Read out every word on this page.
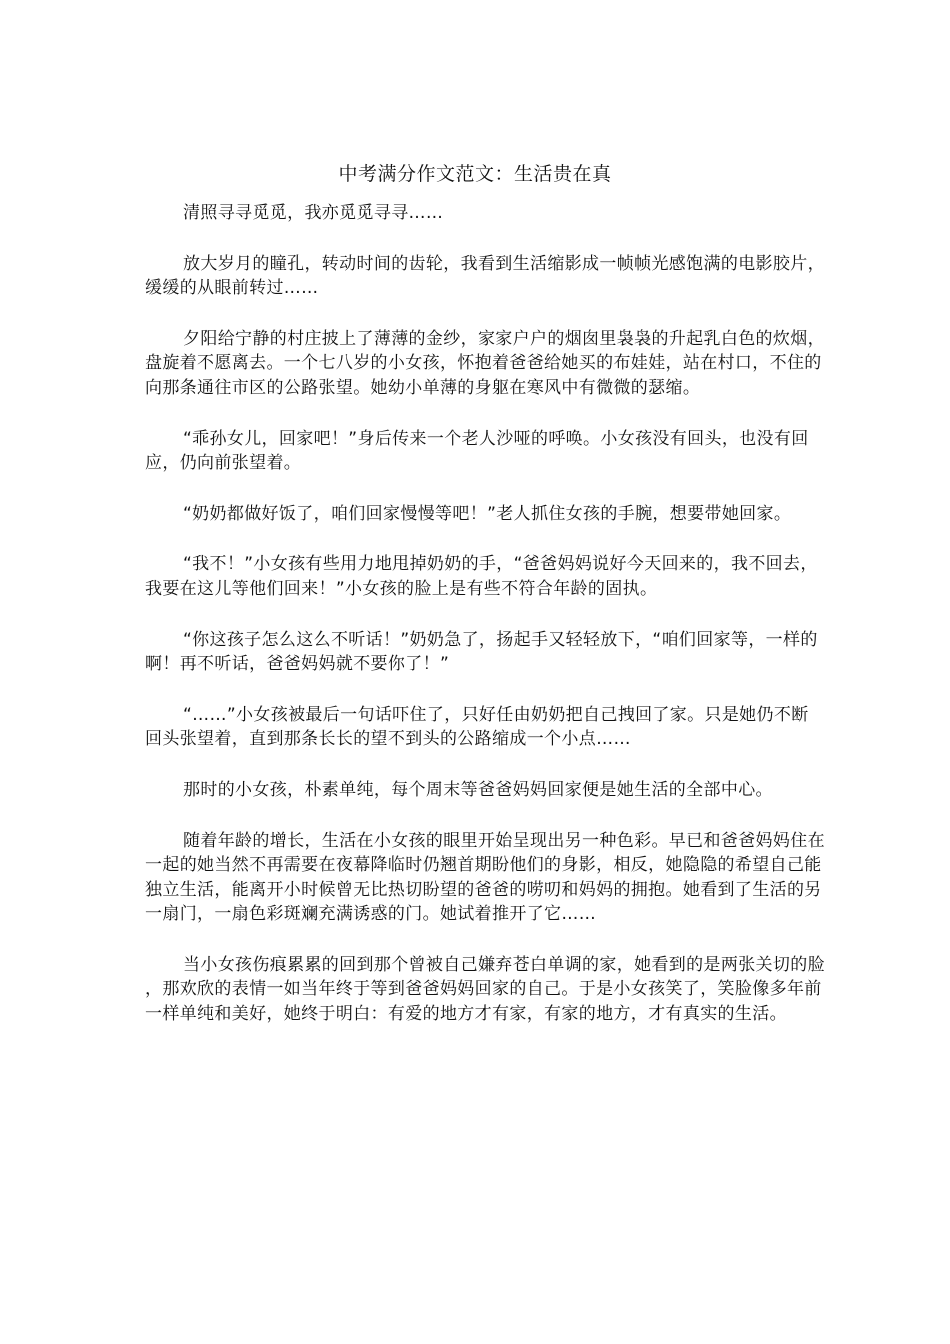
中考满分作文范文：生活贵在真

清照寻寻觅觅，我亦觅觅寻寻……

放大岁月的瞳孔，转动时间的齿轮，我看到生活缩影成一帧帧光感饱满的电影胶片，缓缓的从眼前转过……

夕阳给宁静的村庄披上了薄薄的金纱，家家户户的烟囱里袅袅的升起乳白色的炊烟，盘旋着不愿离去。一个七八岁的小女孩，怀抱着爸爸给她买的布娃娃，站在村口，不住的向那条通往市区的公路张望。她幼小单薄的身躯在寒风中有微微的瑟缩。

“乖孙女儿，回家吧！”身后传来一个老人沙哑的呼唤。小女孩没有回头，也没有回应，仍向前张望着。

“奶奶都做好饭了，咱们回家慢慢等吧！”老人抓住女孩的手腕，想要带她回家。

“我不！”小女孩有些用力地甩掉奶奶的手，“爸爸妈妈说好今天回来的，我不回去，我要在这儿等他们回来！”小女孩的脸上是有些不符合年龄的固执。

“你这孩子怎么这么不听话！”奶奶急了，扬起手又轻轻放下，“咱们回家等，一样的啊！再不听话，爸爸妈妈就不要你了！”

“……”小女孩被最后一句话吓住了，只好任由奶奶把自己拽回了家。只是她仍不断回头张望着，直到那条长长的望不到头的公路缩成一个小点……

那时的小女孩，朴素单纯，每个周末等爸爸妈妈回家便是她生活的全部中心。

随着年龄的增长，生活在小女孩的眼里开始呈现出另一种色彩。早已和爸爸妈妈住在一起的她当然不再需要在夜幕降临时仍翘首期盼他们的身影，相反，她隐隐的希望自己能独立生活，能离开小时候曾无比热切盼望的爸爸的唠叨和妈妈的拥抱。她看到了生活的另一扇门，一扇色彩斑斓充满诱惑的门。她试着推开了它……

当小女孩伤痕累累的回到那个曾被自己嫌弃苍白单调的家，她看到的是两张关切的脸，那欢欣的表情一如当年终于等到爸爸妈妈回家的自己。于是小女孩笑了，笑脸像多年前一样单纯和美好，她终于明白：有爱的地方才有家，有家的地方，才有真实的生活。
